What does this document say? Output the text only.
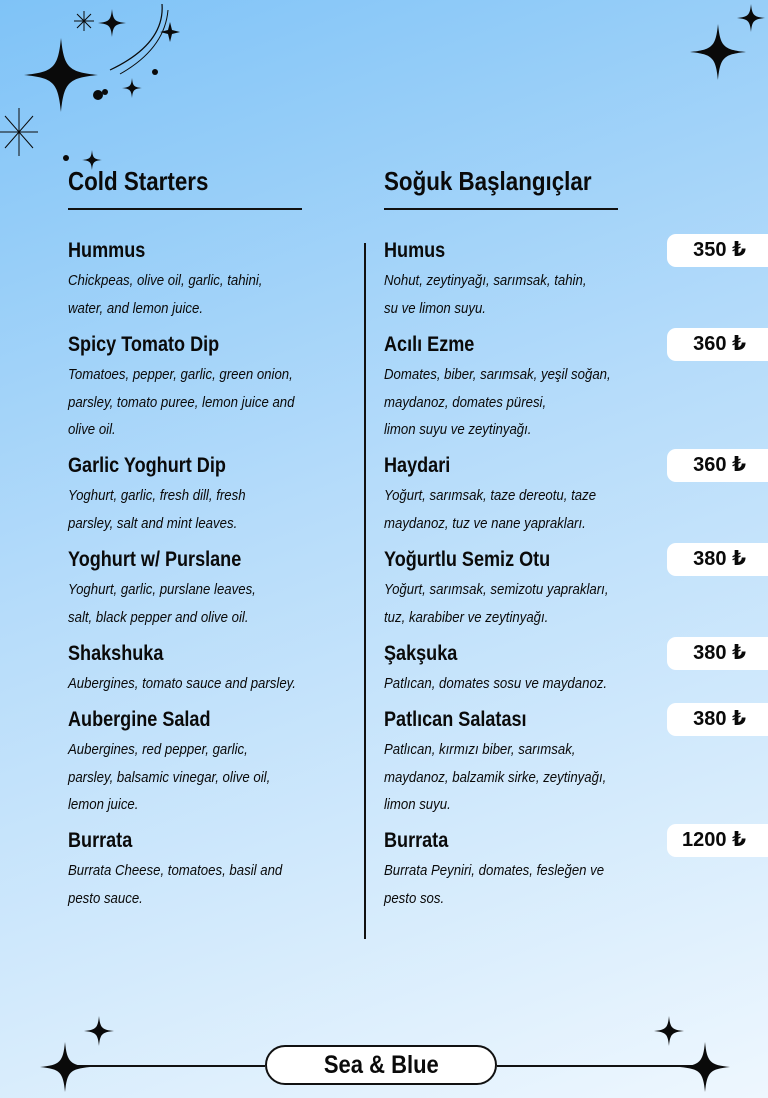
Cold Starters	Soğuk Başlangıçlar
Hummus
Chickpeas, olive oil, garlic, tahini,
water, and lemon juice.
Humus
Nohut, zeytinyağı, sarımsak, tahin,
su ve limon suyu.
350 ₺
Spicy Tomato Dip
Tomatoes, pepper, garlic, green onion,
parsley, tomato puree, lemon juice and
olive oil.
Acılı Ezme
Domates, biber, sarımsak, yeşil soğan,
maydanoz, domates püresi,
limon suyu ve zeytinyağı.
360 ₺
Garlic Yoghurt Dip
Yoghurt, garlic, fresh dill, fresh
parsley, salt and mint leaves.
Haydari
Yoğurt, sarımsak, taze dereotu, taze
maydanoz, tuz ve nane yaprakları.
360 ₺
Yoghurt w/ Purslane
Yoghurt, garlic, purslane leaves,
salt, black pepper and olive oil.
Yoğurtlu Semiz Otu
Yoğurt, sarımsak, semizotu yaprakları,
tuz, karabiber ve zeytinyağı.
380 ₺
Shakshuka
Aubergines, tomato sauce and parsley.
Şakşuka
Patlıcan, domates sosu ve maydanoz.
380 ₺
Aubergine Salad
Aubergines, red pepper, garlic,
parsley, balsamic vinegar, olive oil,
lemon juice.
Patlıcan Salatası
Patlıcan, kırmızı biber, sarımsak,
maydanoz, balzamik sirke, zeytinyağı,
limon suyu.
380 ₺
Burrata
Burrata Cheese, tomatoes, basil and
pesto sauce.
Burrata
Burrata Peyniri, domates, fesleğen ve
pesto sos.
1200 ₺
Sea & Blue
